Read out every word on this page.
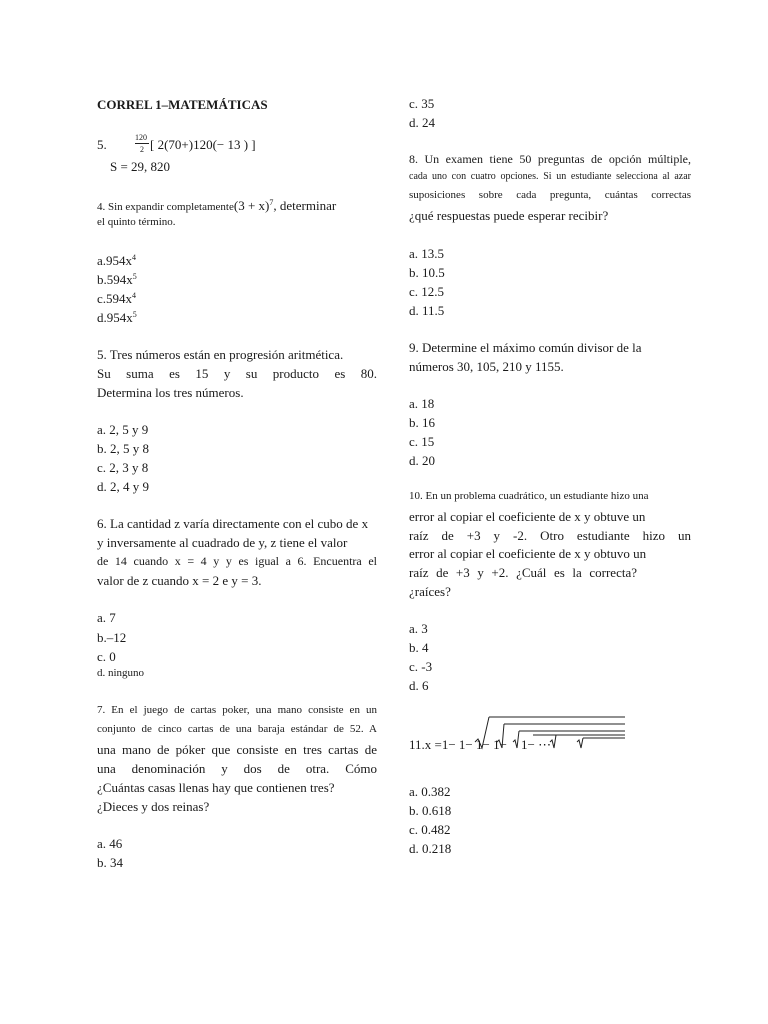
CORREL 1–MATEMÁTICAS
5.	120
2 [ 2(70+)120(− 13 ) ]
S = 29, 820
4. Sin expandir completamente(3 + x)$^7$, determinar
el quinto término.
$a.954x^4$
$b.594x^5$
$c.594x^4$
$d.954x^5$
5. Tres números están en progresión aritmética.
Su suma es 15 y su producto es 80.
Determina los tres números.
a. 2, 5 y 9
b. 2, 5 y 8
c. 2, 3 y 8
d. 2, 4 y 9
6. La cantidad z varía directamente con el cubo de x
y inversamente al cuadrado de y, z tiene el valor
de 14 cuando x = 4 y y es igual a 6. Encuentra el
valor de z cuando x = 2 e y = 3.
a. 7
b.–12
c. 0
d. ninguno
7. En el juego de cartas poker, una mano consiste en un
conjunto de cinco cartas de una baraja estándar de 52. A
una mano de póker que consiste en tres cartas de
una denominación y dos de otra. Cómo
¿Cuántas casas llenas hay que contienen tres?
¿Dieces y dos reinas?
a. 46
b. 34
c. 35
d. 24
8. Un examen tiene 50 preguntas de opción múltiple,
cada uno con cuatro opciones. Si un estudiante selecciona al azar
suposiciones sobre cada pregunta, cuántas correctas
¿qué respuestas puede esperar recibir?
a. 13.5
b. 10.5
c. 12.5
d. 11.5
9. Determine el máximo común divisor de la
números 30, 105, 210 y 1155.
a. 18
b. 16
c. 15
d. 20
10. En un problema cuadrático, un estudiante hizo una
error al copiar el coeficiente de x y obtuve un
raíz de +3 y -2. Otro estudiante hizo un
error al copiar el coeficiente de x y obtuvo un
raíz de +3 y +2. ¿Cuál es la correcta?
¿raíces?
a. 3
b. 4
c. -3
d. 6
11.x =1− 1− 1− 1− 1− ⋯
a. 0.382
b. 0.618
c. 0.482
d. 0.218
